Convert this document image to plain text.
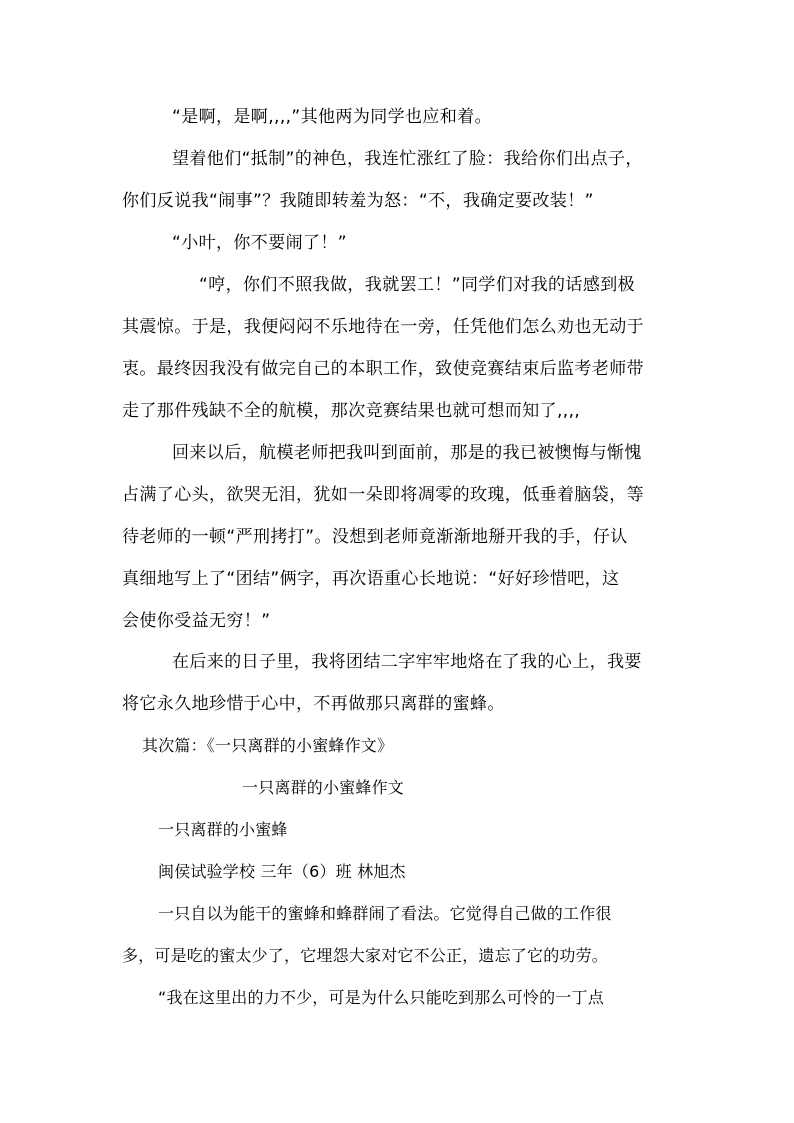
“是啊，是啊,,,,”其他两为同学也应和着。
望着他们“抵制”的神色，我连忙涨红了脸：我给你们出点子，
你们反说我“闹事”？我随即转羞为怒：“不，我确定要改装！”
“小叶，你不要闹了！”
“哼，你们不照我做，我就罢工！”同学们对我的话感到极
其震惊。于是，我便闷闷不乐地待在一旁，任凭他们怎么劝也无动于
衷。最终因我没有做完自己的本职工作，致使竞赛结束后监考老师带
走了那件残缺不全的航模，那次竞赛结果也就可想而知了,,,,
回来以后，航模老师把我叫到面前，那是的我已被懊悔与惭愧
占满了心头，欲哭无泪，犹如一朵即将凋零的玫瑰，低垂着脑袋，等
待老师的一顿“严刑拷打”。没想到老师竟渐渐地掰开我的手，仔认
真细地写上了“团结”俩字，再次语重心长地说：“好好珍惜吧，这
会使你受益无穷！”
在后来的日子里，我将团结二字牢牢地烙在了我的心上，我要
将它永久地珍惜于心中，不再做那只离群的蜜蜂。
其次篇：《一只离群的小蜜蜂作文》
一只离群的小蜜蜂作文
一只离群的小蜜蜂
闽侯试验学校 三年（6）班 林旭杰
一只自以为能干的蜜蜂和蜂群闹了看法。它觉得自己做的工作很
多，可是吃的蜜太少了，它埋怨大家对它不公正，遗忘了它的功劳。
“我在这里出的力不少，可是为什么只能吃到那么可怜的一丁点
